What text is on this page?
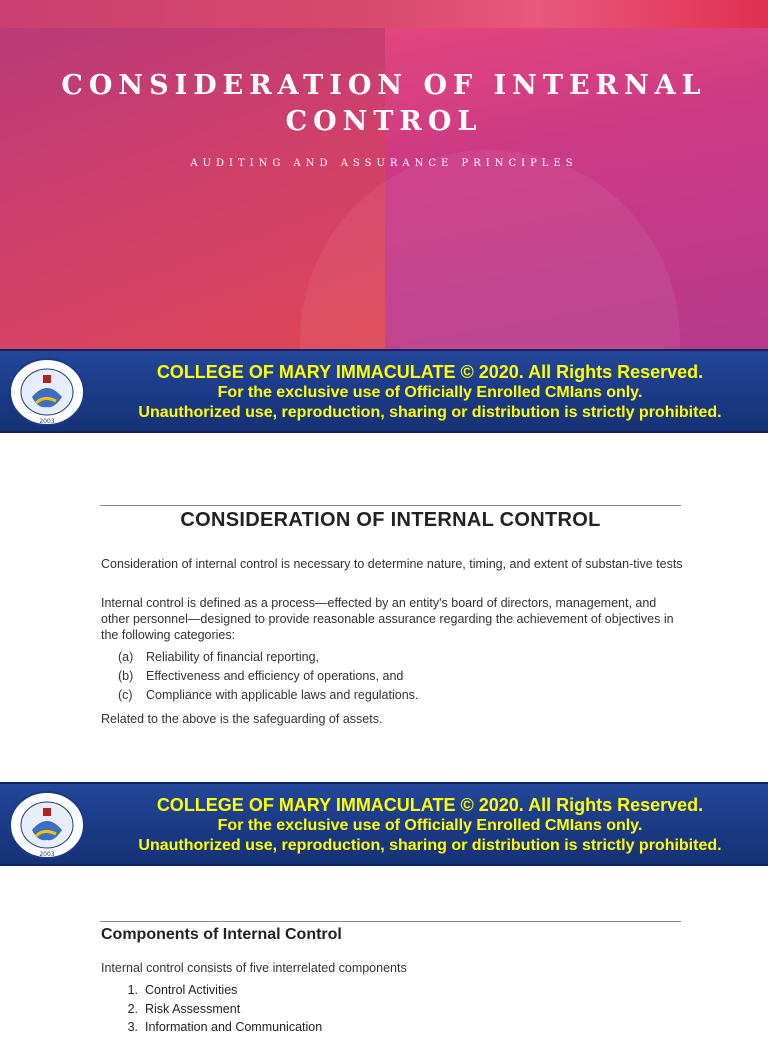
CONSIDERATION OF INTERNAL CONTROL
AUDITING AND ASSURANCE PRINCIPLES
2003
COLLEGE OF MARY IMMACULATE © 2020. All Rights Reserved.
For the exclusive use of Officially Enrolled CMIans only.
Unauthorized use, reproduction, sharing or distribution is strictly prohibited.
CONSIDERATION OF INTERNAL CONTROL

Consideration of internal control is necessary to determine nature, timing, and extent of substan-tive tests

Internal control is defined as a process—effected by an entity's board of directors, management, and other personnel—designed to provide reasonable assurance regarding the achievement of objectives in the following categories:

(a) Reliability of financial reporting,
(b) Effectiveness and efficiency of operations, and
(c) Compliance with applicable laws and regulations.

Related to the above is the safeguarding of assets.

2003
COLLEGE OF MARY IMMACULATE © 2020. All Rights Reserved.
For the exclusive use of Officially Enrolled CMIans only.
Unauthorized use, reproduction, sharing or distribution is strictly prohibited.
Components of Internal Control

Internal control consists of five interrelated components

1. Control Activities
2. Risk Assessment
3. Information and Communication
